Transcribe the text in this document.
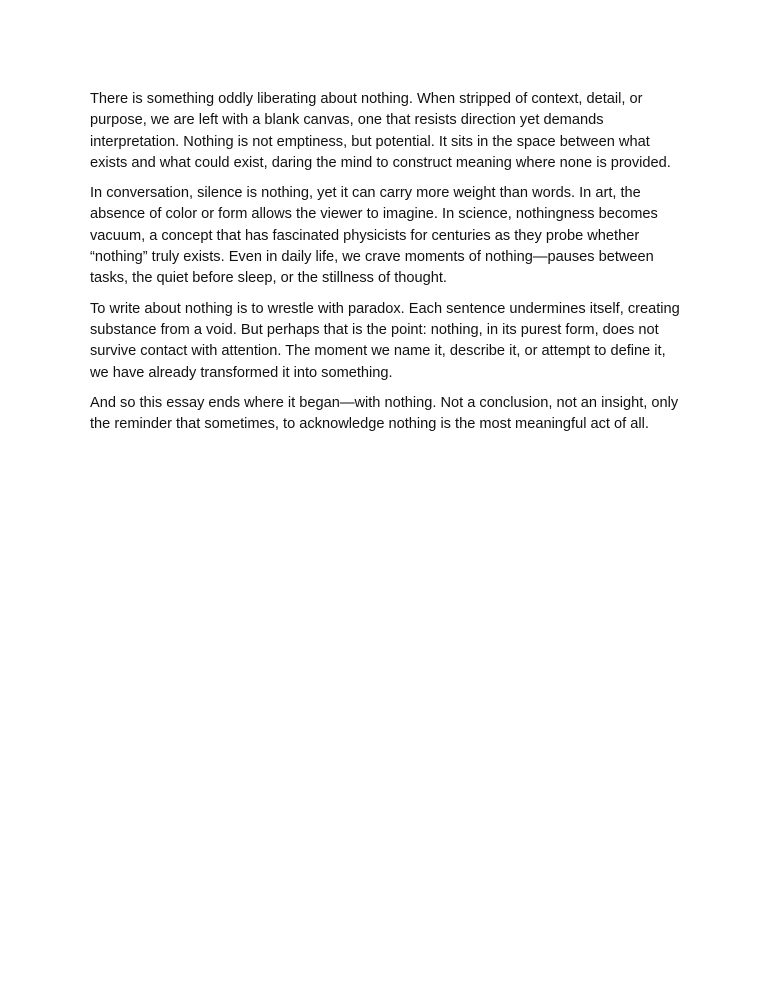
There is something oddly liberating about nothing. When stripped of context, detail, or purpose, we are left with a blank canvas, one that resists direction yet demands interpretation. Nothing is not emptiness, but potential. It sits in the space between what exists and what could exist, daring the mind to construct meaning where none is provided.

In conversation, silence is nothing, yet it can carry more weight than words. In art, the absence of color or form allows the viewer to imagine. In science, nothingness becomes vacuum, a concept that has fascinated physicists for centuries as they probe whether “nothing” truly exists. Even in daily life, we crave moments of nothing—pauses between tasks, the quiet before sleep, or the stillness of thought.

To write about nothing is to wrestle with paradox. Each sentence undermines itself, creating substance from a void. But perhaps that is the point: nothing, in its purest form, does not survive contact with attention. The moment we name it, describe it, or attempt to define it, we have already transformed it into something.

And so this essay ends where it began—with nothing. Not a conclusion, not an insight, only the reminder that sometimes, to acknowledge nothing is the most meaningful act of all.
